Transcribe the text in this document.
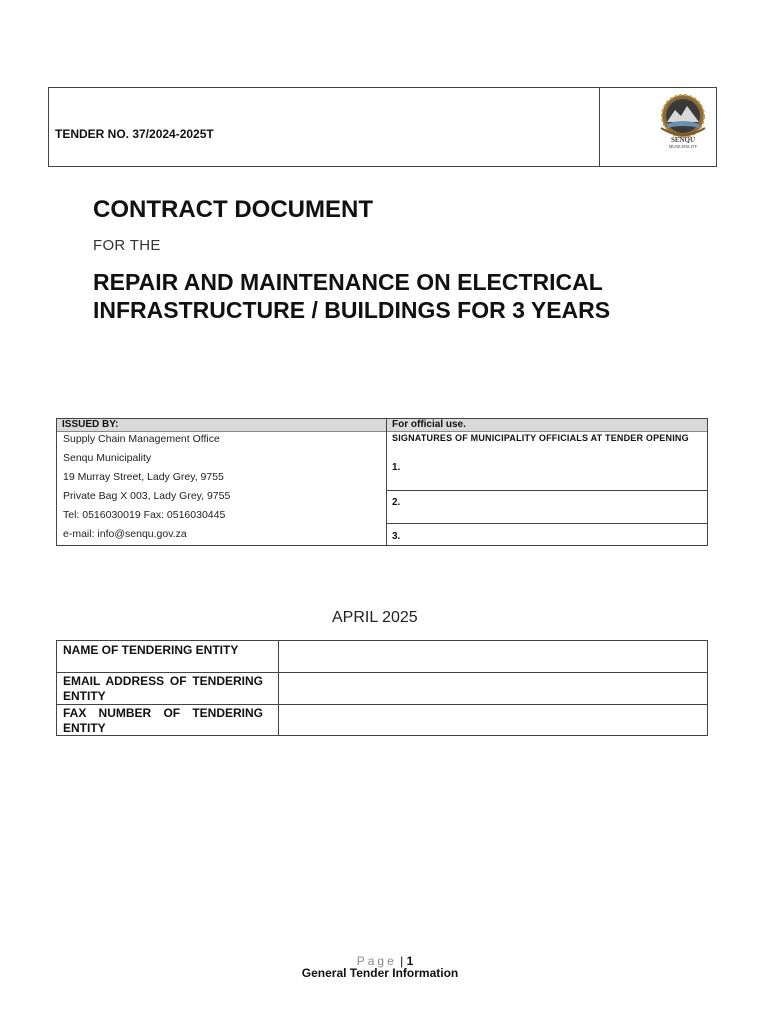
TENDER NO. 37/2024-2025T	SENQU
MUNICIPALITY
CONTRACT DOCUMENT
FOR THE
REPAIR AND MAINTENANCE ON ELECTRICAL
INFRASTRUCTURE / BUILDINGS FOR 3 YEARS
ISSUED BY:	For official use.
Supply Chain Management Office
Senqu Municipality
19 Murray Street, Lady Grey, 9755
Private Bag X 003, Lady Grey, 9755
Tel: 0516030019 Fax: 0516030445
e-mail: info@senqu.gov.za
SIGNATURES OF MUNICIPALITY OFFICIALS AT TENDER OPENING
1.
2.
3.
APRIL 2025
NAME OF TENDERING ENTITY
EMAIL ADDRESS OF TENDERING ENTITY
FAX NUMBER OF TENDERING ENTITY
Page | 1
General Tender Information
